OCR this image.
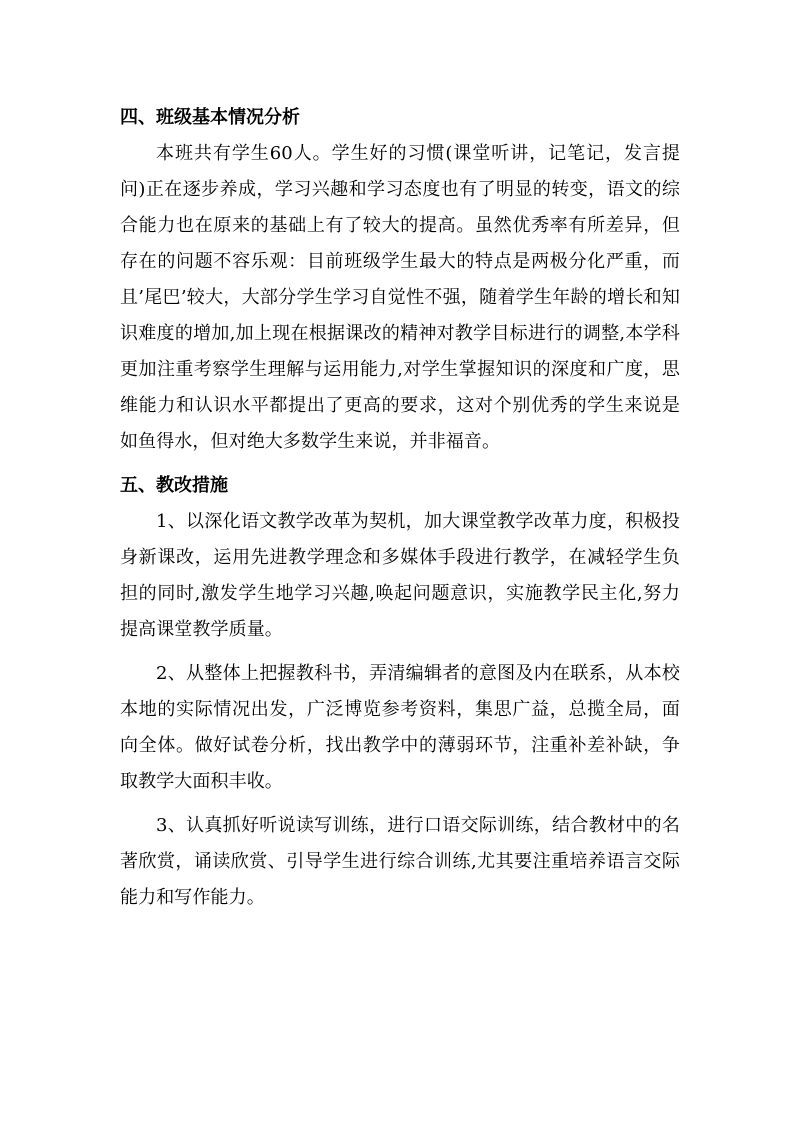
四、班级基本情况分析

本班共有学生60人。学生好的习惯(课堂听讲，记笔记，发言提问)正在逐步养成，学习兴趣和学习态度也有了明显的转变，语文的综合能力也在原来的基础上有了较大的提高。虽然优秀率有所差异，但存在的问题不容乐观：目前班级学生最大的特点是两极分化严重，而且’尾巴’较大，大部分学生学习自觉性不强，随着学生年龄的增长和知识难度的增加,加上现在根据课改的精神对教学目标进行的调整,本学科更加注重考察学生理解与运用能力,对学生掌握知识的深度和广度，思维能力和认识水平都提出了更高的要求，这对个别优秀的学生来说是如鱼得水，但对绝大多数学生来说，并非福音。

五、教改措施

1、以深化语文教学改革为契机，加大课堂教学改革力度，积极投身新课改，运用先进教学理念和多媒体手段进行教学，在减轻学生负担的同时,激发学生地学习兴趣,唤起问题意识，实施教学民主化,努力提高课堂教学质量。

2、从整体上把握教科书，弄清编辑者的意图及内在联系，从本校本地的实际情况出发，广泛博览参考资料，集思广益，总揽全局，面向全体。做好试卷分析，找出教学中的薄弱环节，注重补差补缺，争取教学大面积丰收。

3、认真抓好听说读写训练，进行口语交际训练，结合教材中的名著欣赏，诵读欣赏、引导学生进行综合训练,尤其要注重培养语言交际能力和写作能力。
